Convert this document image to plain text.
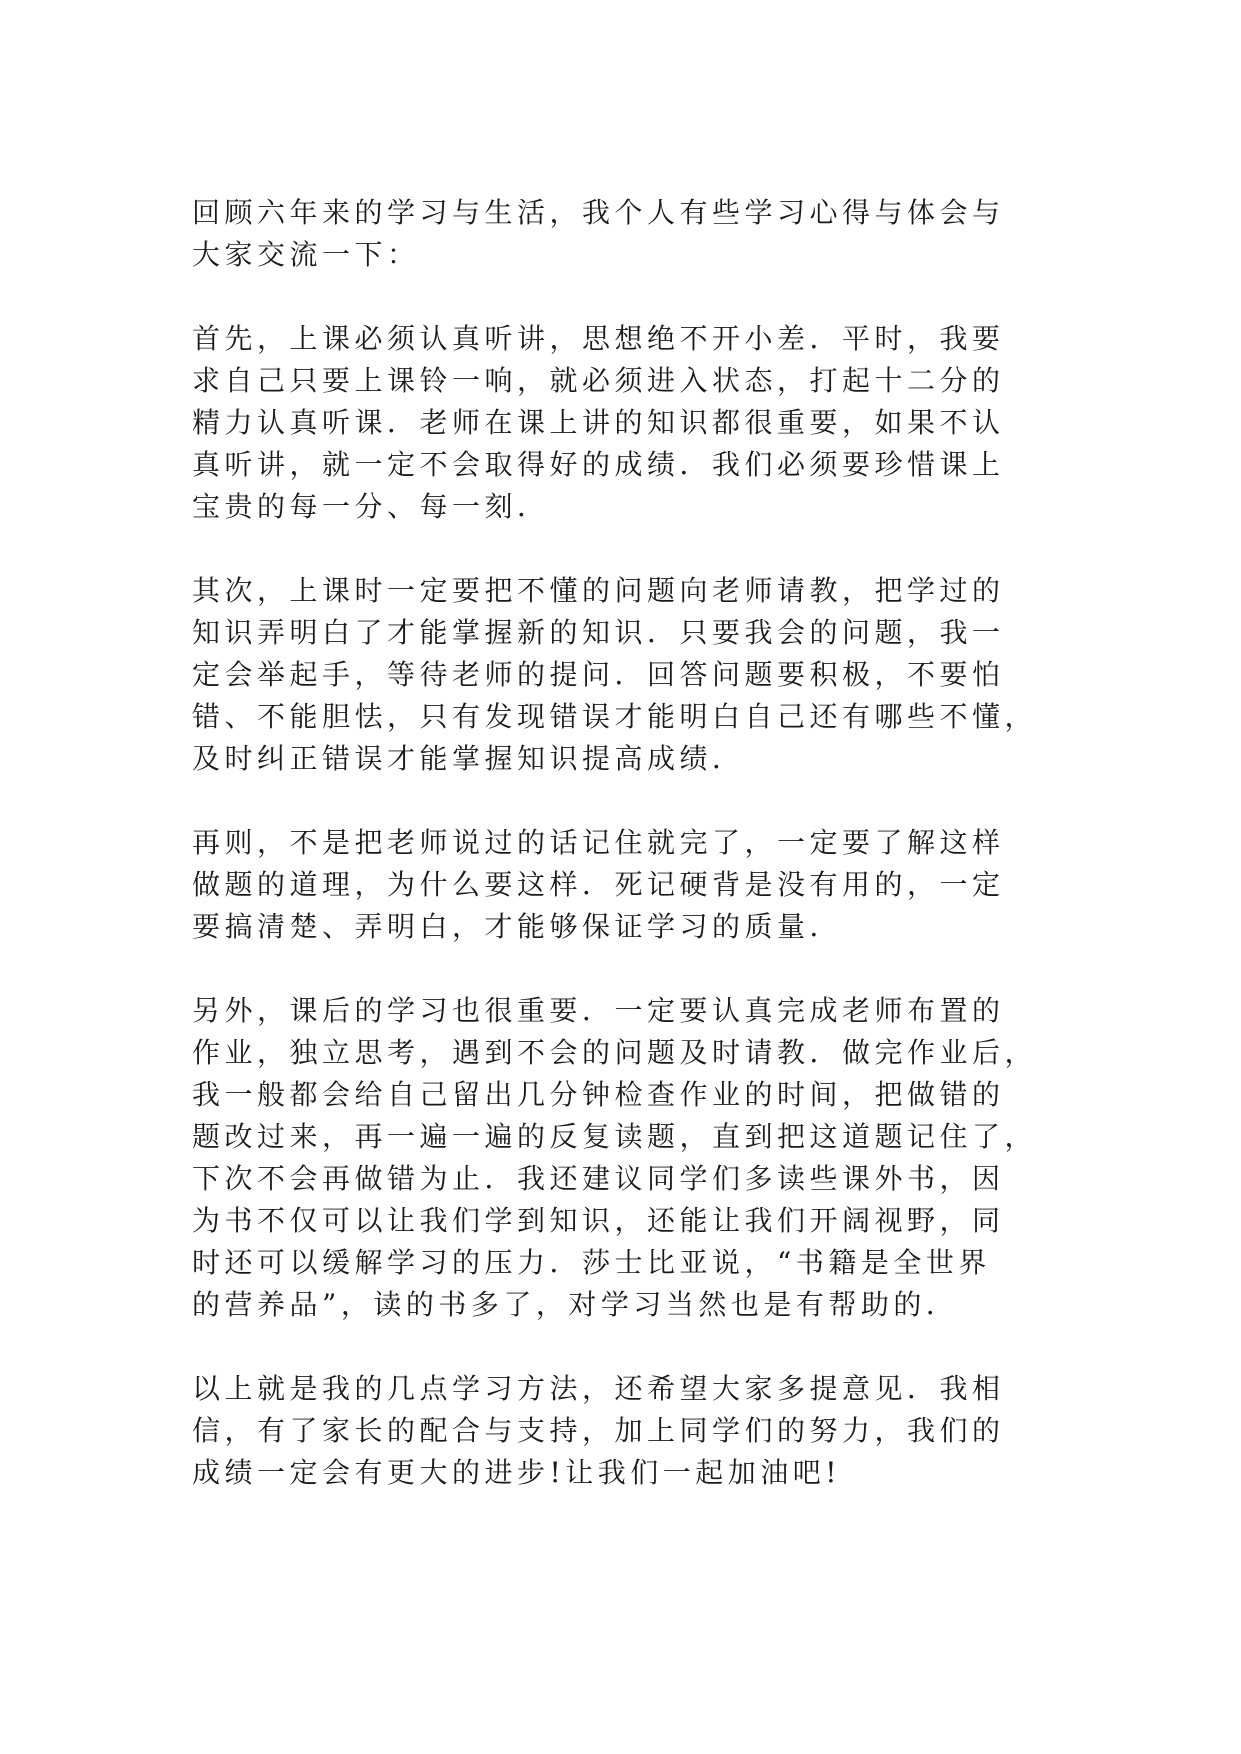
回顾六年来的学习与生活，我个人有些学习心得与体会与
大家交流一下：

首先，上课必须认真听讲，思想绝不开小差．平时，我要
求自己只要上课铃一响，就必须进入状态，打起十二分的
精力认真听课．老师在课上讲的知识都很重要，如果不认
真听讲，就一定不会取得好的成绩．我们必须要珍惜课上
宝贵的每一分、每一刻．

其次，上课时一定要把不懂的问题向老师请教，把学过的
知识弄明白了才能掌握新的知识．只要我会的问题，我一
定会举起手，等待老师的提问．回答问题要积极，不要怕
错、不能胆怯，只有发现错误才能明白自己还有哪些不懂，
及时纠正错误才能掌握知识提高成绩．

再则，不是把老师说过的话记住就完了，一定要了解这样
做题的道理，为什么要这样．死记硬背是没有用的，一定
要搞清楚、弄明白，才能够保证学习的质量．

另外，课后的学习也很重要．一定要认真完成老师布置的
作业，独立思考，遇到不会的问题及时请教．做完作业后，
我一般都会给自己留出几分钟检查作业的时间，把做错的
题改过来，再一遍一遍的反复读题，直到把这道题记住了，
下次不会再做错为止．我还建议同学们多读些课外书，因
为书不仅可以让我们学到知识，还能让我们开阔视野，同
时还可以缓解学习的压力．莎士比亚说，“书籍是全世界
的营养品”，读的书多了，对学习当然也是有帮助的．

以上就是我的几点学习方法，还希望大家多提意见．我相
信，有了家长的配合与支持，加上同学们的努力，我们的
成绩一定会有更大的进步!让我们一起加油吧!
